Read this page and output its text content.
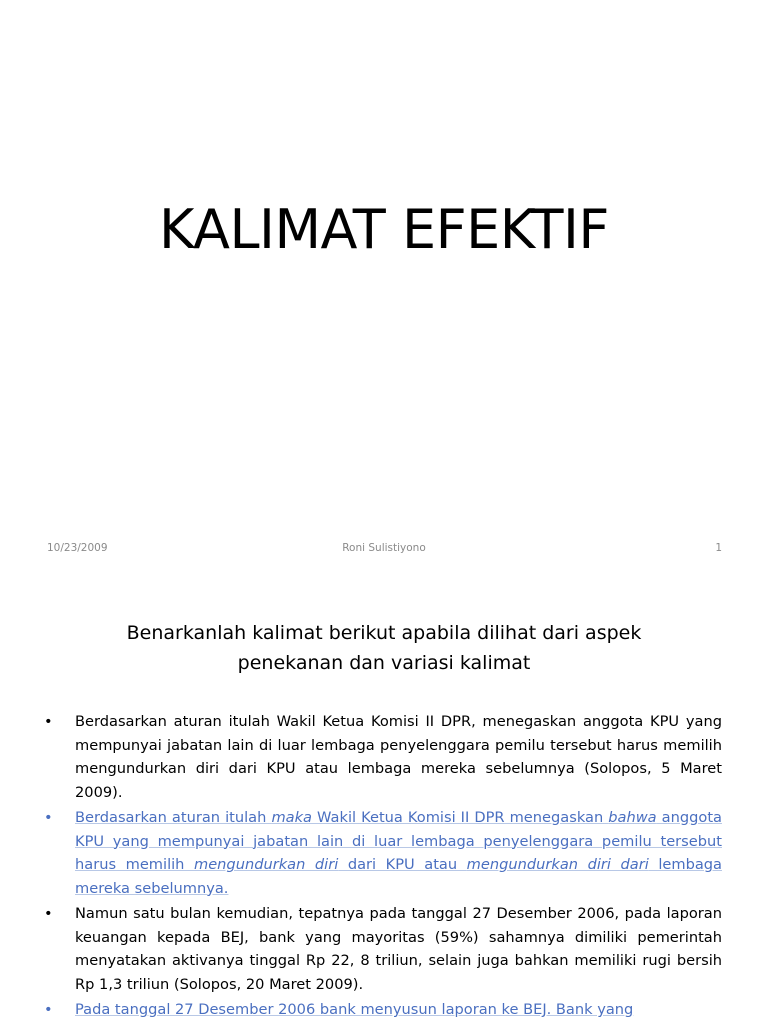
KALIMAT EFEKTIF
10/23/2009	Roni Sulistiyono	1
Benarkanlah kalimat berikut apabila dilihat dari aspek
penekanan dan variasi kalimat
• Berdasarkan aturan itulah Wakil Ketua Komisi II DPR, menegaskan anggota KPU yang mempunyai jabatan lain di luar lembaga penyelenggara pemilu tersebut harus memilih mengundurkan diri dari KPU atau lembaga mereka sebelumnya (Solopos, 5 Maret 2009).
• Berdasarkan aturan itulah maka Wakil Ketua Komisi II DPR menegaskan bahwa anggota KPU yang mempunyai jabatan lain di luar lembaga penyelenggara pemilu tersebut harus memilih mengundurkan diri dari KPU atau mengundurkan diri dari lembaga mereka sebelumnya.
• Namun satu bulan kemudian, tepatnya pada tanggal 27 Desember 2006, pada laporan keuangan kepada BEJ, bank yang mayoritas (59%) sahamnya dimiliki pemerintah menyatakan aktivanya tinggal Rp 22, 8 triliun, selain juga bahkan memiliki rugi bersih Rp 1,3 triliun (Solopos, 20 Maret 2009).
• Pada tanggal 27 Desember 2006 bank menyusun laporan ke BEJ. Bank yang
